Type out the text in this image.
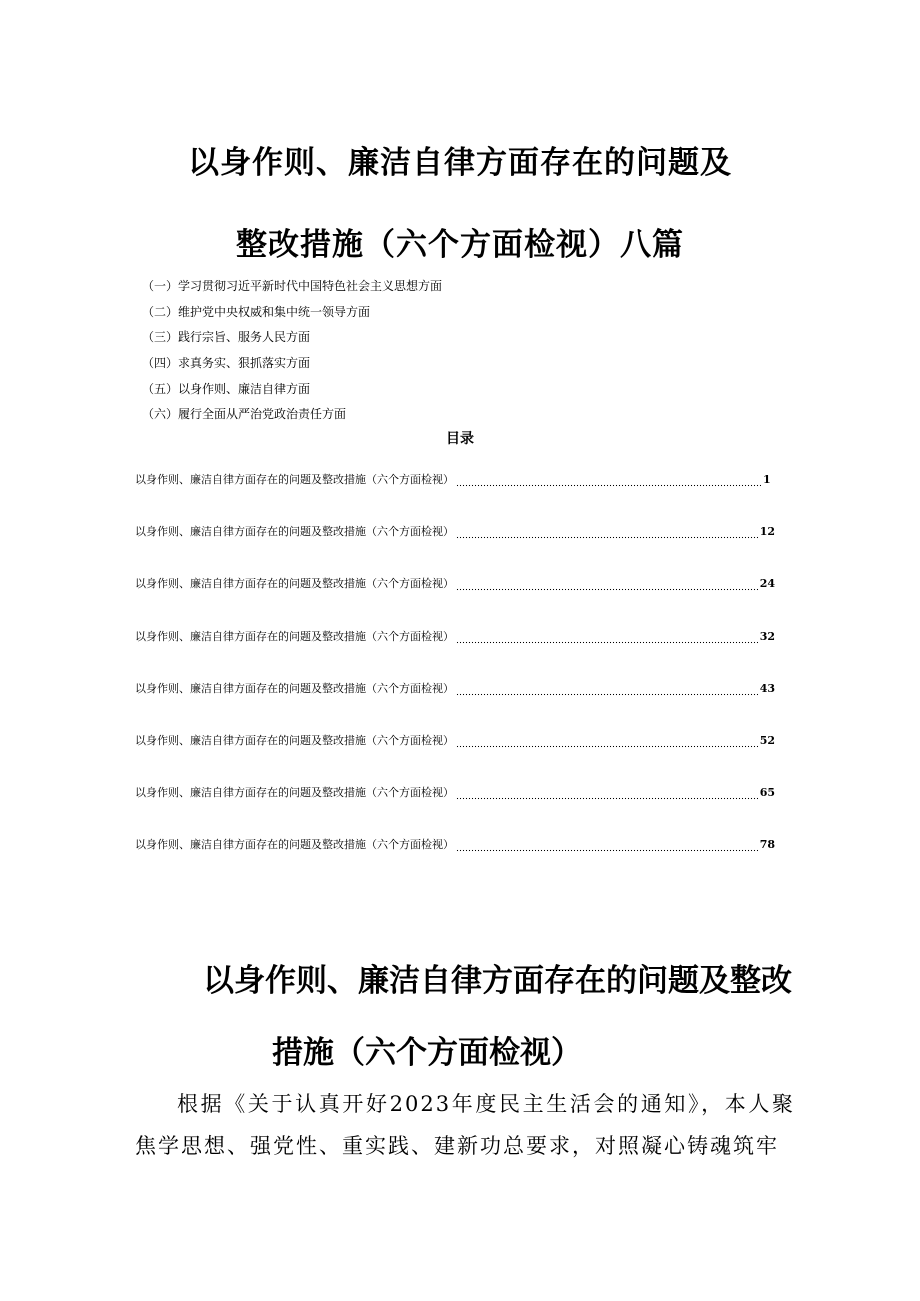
以身作则、廉洁自律方面存在的问题及
整改措施（六个方面检视）八篇
（一）学习贯彻习近平新时代中国特色社会主义思想方面
（二）维护党中央权威和集中统一领导方面
（三）践行宗旨、服务人民方面
（四）求真务实、狠抓落实方面
（五）以身作则、廉洁自律方面
（六）履行全面从严治党政治责任方面
目录
以身作则、廉洁自律方面存在的问题及整改措施（六个方面检视）	1
以身作则、廉洁自律方面存在的问题及整改措施（六个方面检视）	12
以身作则、廉洁自律方面存在的问题及整改措施（六个方面检视）	24
以身作则、廉洁自律方面存在的问题及整改措施（六个方面检视）	32
以身作则、廉洁自律方面存在的问题及整改措施（六个方面检视）	43
以身作则、廉洁自律方面存在的问题及整改措施（六个方面检视）	52
以身作则、廉洁自律方面存在的问题及整改措施（六个方面检视）	65
以身作则、廉洁自律方面存在的问题及整改措施（六个方面检视）	78
以身作则、廉洁自律方面存在的问题及整改
措施（六个方面检视）

根据《关于认真开好2023年度民主生活会的通知》，本人聚焦学思想、强党性、重实践、建新功总要求，对照凝心铸魂筑牢
